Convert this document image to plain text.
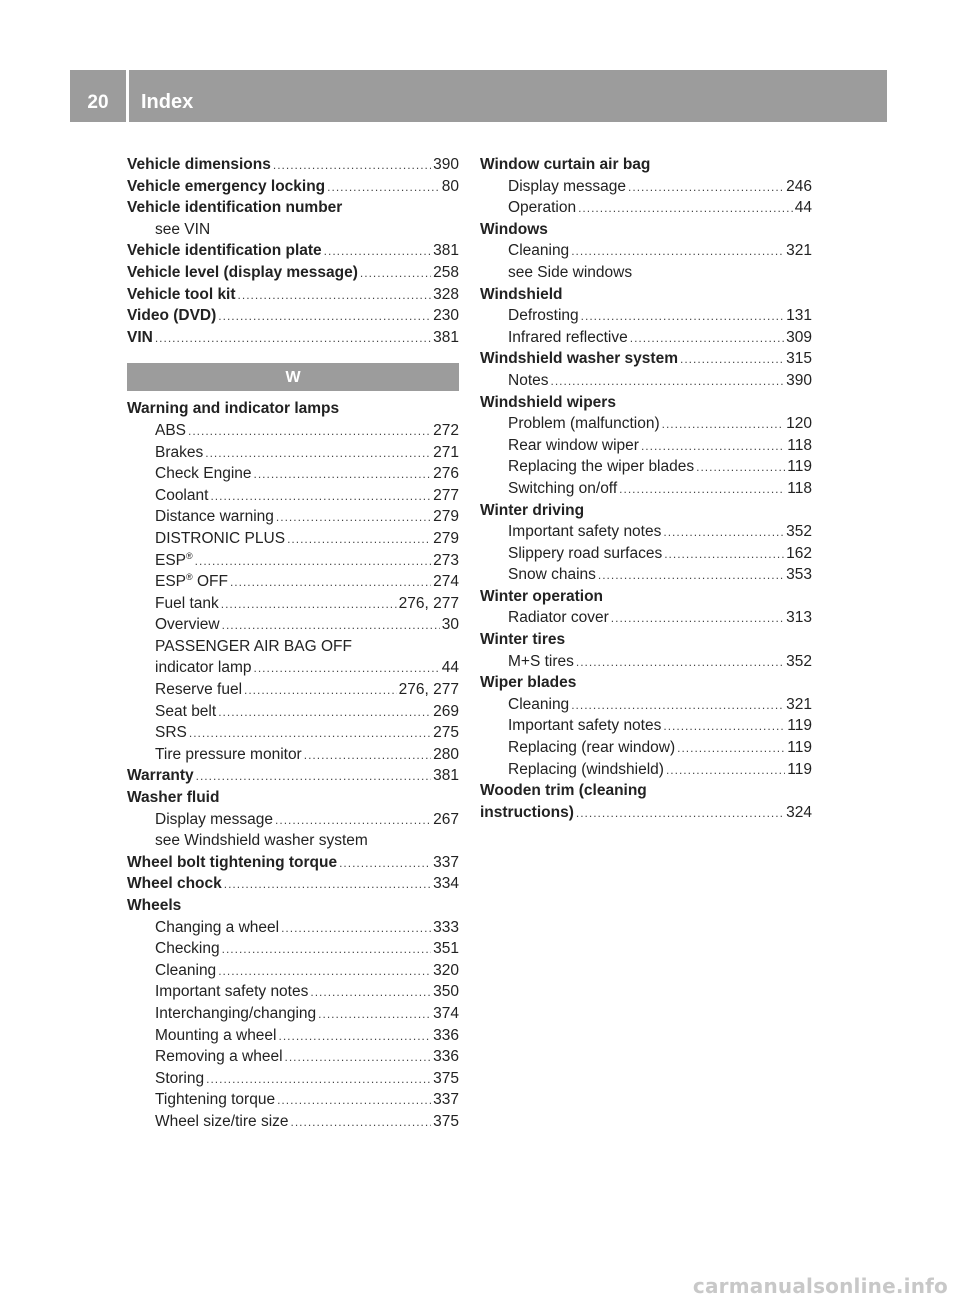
20	Index
Vehicle dimensions .....	390
Vehicle emergency locking .....	80
Vehicle identification number
see VIN
Vehicle identification plate .....	381
Vehicle level (display message) .....	258
Vehicle tool kit .....	328
Video (DVD) .....	230
VIN .....	381
W
Warning and indicator lamps
ABS .....	272
Brakes .....	271
Check Engine .....	276
Coolant .....	277
Distance warning .....	279
DISTRONIC PLUS .....	279
ESP® .....	273
ESP® OFF .....	274
Fuel tank .....	276, 277
Overview .....	30
PASSENGER AIR BAG OFF
indicator lamp .....	44
Reserve fuel .....	276, 277
Seat belt .....	269
SRS .....	275
Tire pressure monitor .....	280
Warranty .....	381
Washer fluid
Display message .....	267
see Windshield washer system
Wheel bolt tightening torque .....	337
Wheel chock .....	334
Wheels
Changing a wheel .....	333
Checking .....	351
Cleaning .....	320
Important safety notes .....	350
Interchanging/changing .....	374
Mounting a wheel .....	336
Removing a wheel .....	336
Storing .....	375
Tightening torque .....	337
Wheel size/tire size .....	375
Window curtain air bag
Display message .....	246
Operation .....	44
Windows
Cleaning .....	321
see Side windows
Windshield
Defrosting .....	131
Infrared reflective .....	309
Windshield washer system .....	315
Notes .....	390
Windshield wipers
Problem (malfunction) .....	120
Rear window wiper .....	118
Replacing the wiper blades .....	119
Switching on/off .....	118
Winter driving
Important safety notes .....	352
Slippery road surfaces .....	162
Snow chains .....	353
Winter operation
Radiator cover .....	313
Winter tires
M+S tires .....	352
Wiper blades
Cleaning .....	321
Important safety notes .....	119
Replacing (rear window) .....	119
Replacing (windshield) .....	119
Wooden trim (cleaning
instructions) .....	324
carmanualsonline.info
